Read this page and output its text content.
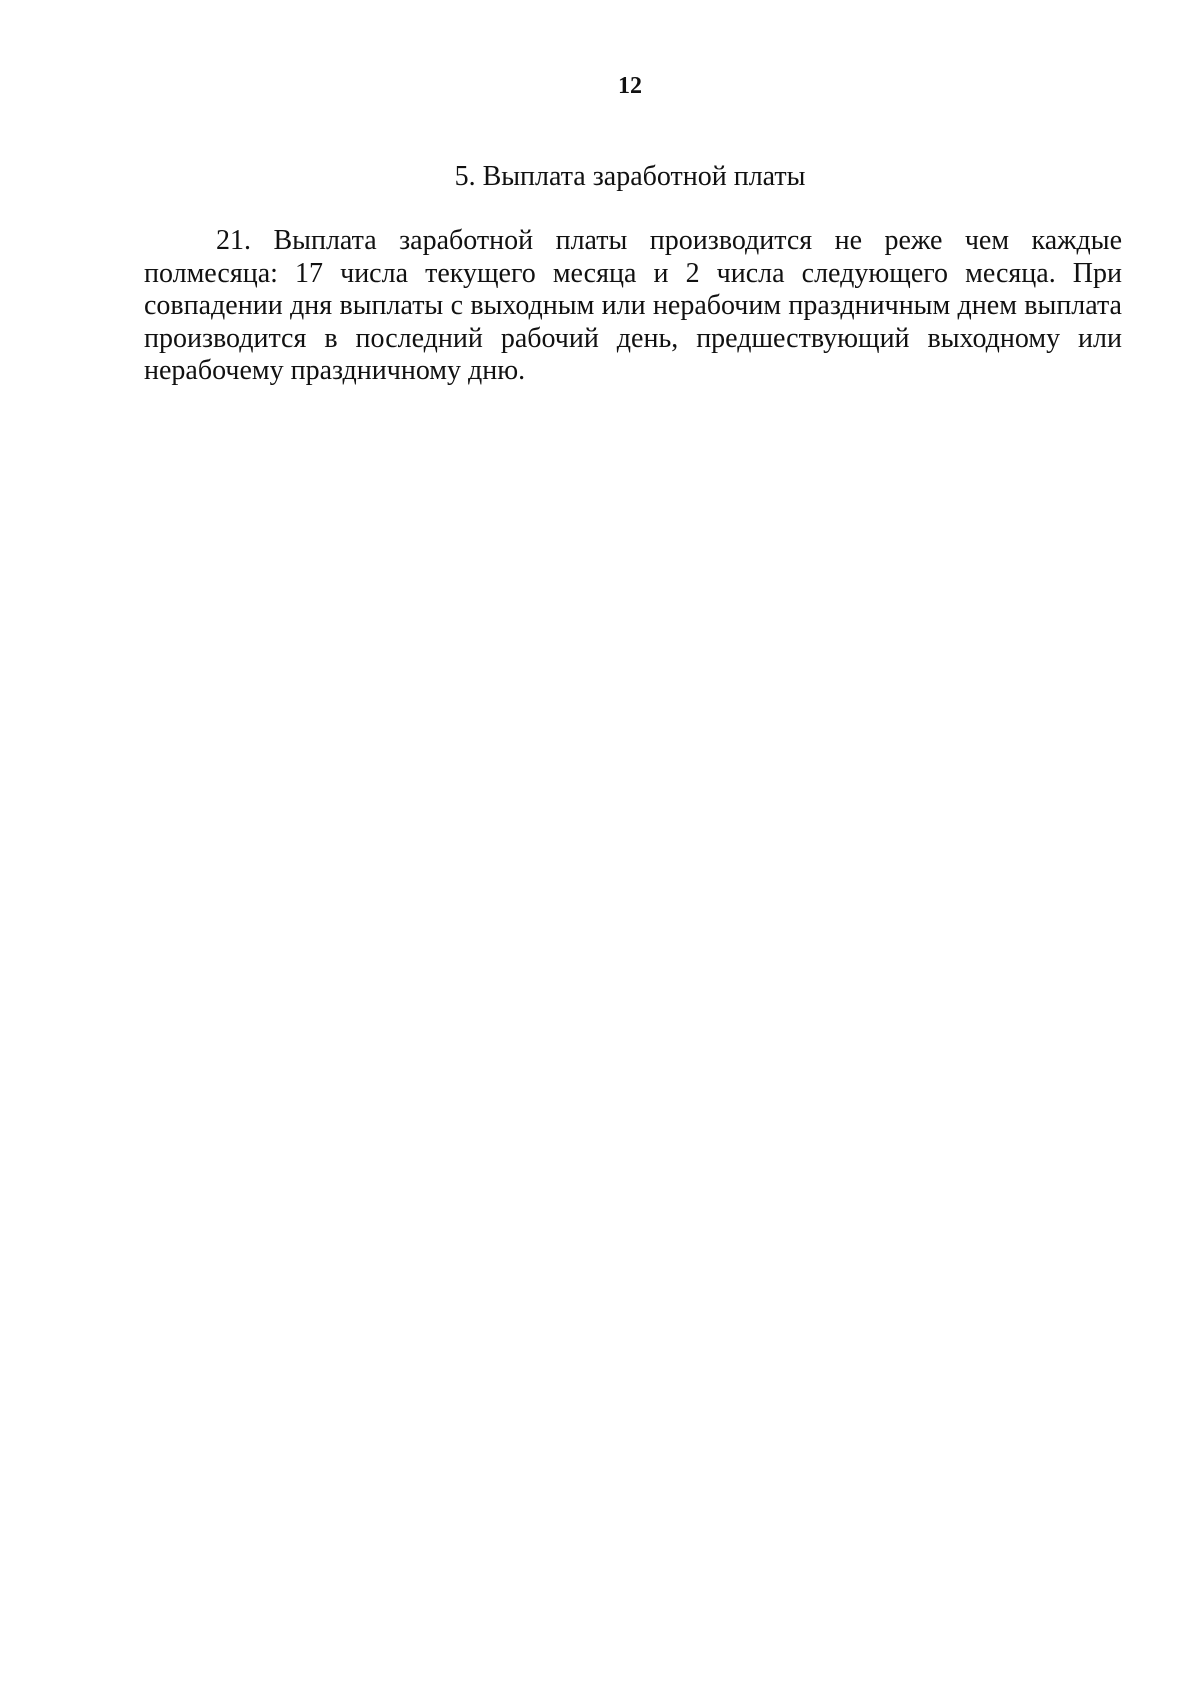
12
5. Выплата заработной платы

21. Выплата заработной платы производится не реже чем каждые полмесяца: 17 числа текущего месяца и 2 числа следующего месяца. При совпадении дня выплаты с выходным или нерабочим праздничным днем выплата производится в последний рабочий день, предшествующий выходному или нерабочему праздничному дню.
